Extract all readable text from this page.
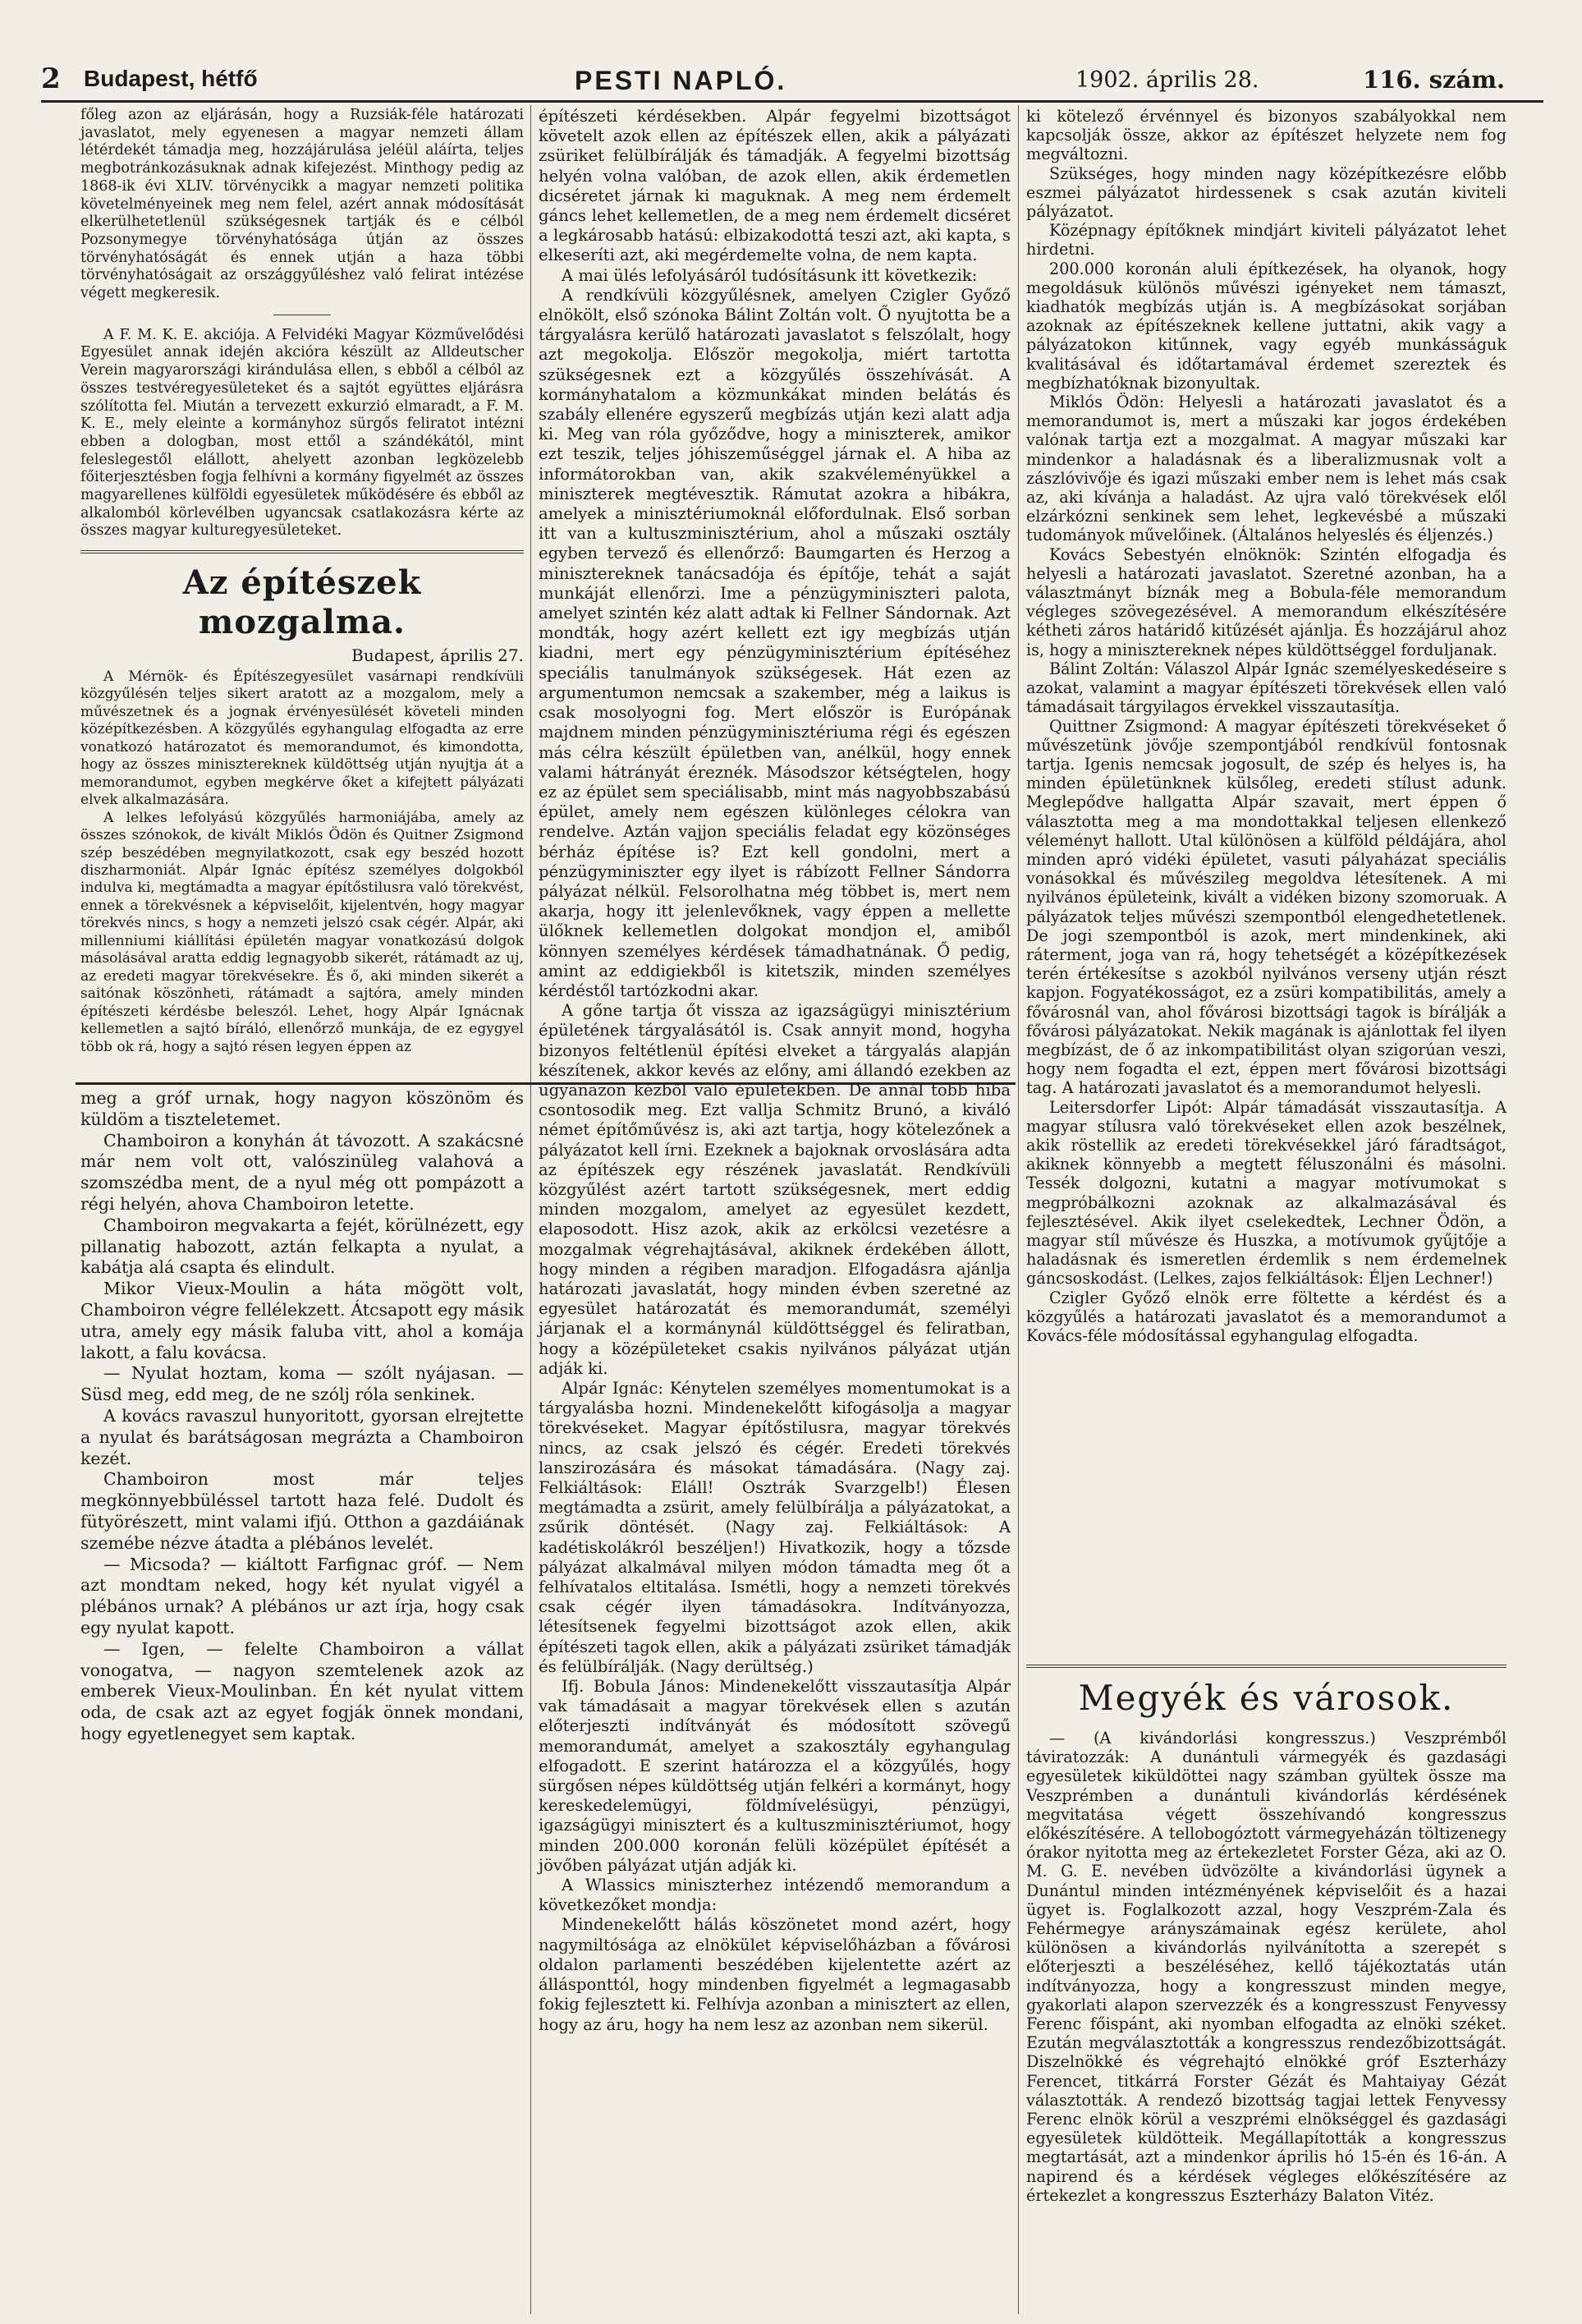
2 Budapest, hétfő	PESTI NAPLÓ.	1902. április 28.	116. szám.

főleg azon az eljárásán, hogy a Ruzsiák-féle határozati javaslatot, mely egyenesen a magyar nemzeti állam létérdekét támadja meg, hozzájárulása jeléül aláírta, teljes megbotránkozásuknak adnak kifejezést. Minthogy pedig az 1868-ik évi XLIV. törvénycikk a magyar nemzeti politika követelményeinek meg nem felel, azért annak módosítását elkerülhetetlenül szükségesnek tartják és e célból Pozsonymegye törvényhatósága útján az összes törvényhatóságát és ennek utján a haza többi törvényhatóságait az országgyűléshez való felirat intézése végett megkeresik.

A F. M. K. E. akciója. A Felvidéki Magyar Közművelődési Egyesület annak idején akcióra készült az Alldeutscher Verein magyarországi kirándulása ellen, s ebből a célból az összes testvéregyesületeket és a sajtót együttes eljárásra szólította fel. Miután a tervezett exkurzió elmaradt, a F. M. K. E., mely eleinte a kormányhoz sürgős feliratot intézni ebben a dologban, most ettől a szándékától, mint feleslegestől elállott, ahelyett azonban legközelebb főiterjesztésben fogja felhívni a kormány figyelmét az összes magyarellenes külföldi egyesületek működésére és ebből az alkalomból körlevélben ugyancsak csatlakozásra kérte az összes magyar kulturegyesületeket.

Az építészek mozgalma.
Budapest, április 27.

A Mérnök- és Építészegyesület vasárnapi rendkívüli közgyűlésén teljes sikert aratott az a mozgalom, mely a művészetnek és a jognak érvényesülését követeli minden középítkezésben. A közgyűlés egyhangulag elfogadta az erre vonatkozó határozatot és memorandumot, és kimondotta, hogy az összes minisztereknek küldöttség utján nyujtja át a memorandumot, egyben megkérve őket a kifejtett pályázati elvek alkalmazására.

A lelkes lefolyású közgyűlés harmoniájába, amely az összes szónokok, de kivált Miklós Ödön és Quitner Zsigmond szép beszédében megnyilatkozott, csak egy beszéd hozott diszharmoniát. Alpár Ignác építész személyes dolgokból indulva ki, megtámadta a magyar építőstilusra való törekvést, ennek a törekvésnek a képviselőit, kijelentvén, hogy magyar törekvés nincs, s hogy a nemzeti jelszó csak cégér. Alpár, aki millenniumi kiállítási épületén magyar vonatkozású dolgok másolásával aratta eddig legnagyobb sikerét, rátámadt az uj, az eredeti magyar törekvésekre. És ő, aki minden sikerét a saitónak köszönheti, rátámadt a sajtóra, amely minden építészeti kérdésbe beleszól. Lehet, hogy Alpár Ignácnak kellemetlen a sajtó bíráló, ellenőrző munkája, de ez egygyel több ok rá, hogy a sajtó résen legyen éppen az

meg a gróf urnak, hogy nagyon köszönöm és küldöm a tiszteletemet.

Chamboiron a konyhán át távozott. A szakácsné már nem volt ott, valószinüleg valahová a szomszédba ment, de a nyul még ott pompázott a régi helyén, ahova Chamboiron letette.

Chamboiron megvakarta a fejét, körülnézett, egy pillanatig habozott, aztán felkapta a nyulat, a kabátja alá csapta és elindult.

Mikor Vieux-Moulin a háta mögött volt, Chamboiron végre fellélekzett. Átcsapott egy másik utra, amely egy másik faluba vitt, ahol a komája lakott, a falu kovácsa.

— Nyulat hoztam, koma — szólt nyájasan. — Süsd meg, edd meg, de ne szólj róla senkinek.

A kovács ravaszul hunyoritott, gyorsan elrejtette a nyulat és barátságosan megrázta a Chamboiron kezét.

Chamboiron most már teljes megkönnyebbüléssel tartott haza felé. Dudolt és fütyörészett, mint valami ifjú. Otthon a gazdáiának szemébe nézve átadta a plébános levelét.

— Micsoda? — kiáltott Farfignac gróf. — Nem azt mondtam neked, hogy két nyulat vigyél a plébános urnak? A plébános ur azt írja, hogy csak egy nyulat kapott.

— Igen, — felelte Chamboiron a vállat vonogatva, — nagyon szemtelenek azok az emberek Vieux-Moulinban. Én két nyulat vittem oda, de csak azt az egyet fogják önnek mondani, hogy egyetlenegyet sem kaptak.

építészeti kérdésekben. Alpár fegyelmi bizottságot követelt azok ellen az építészek ellen, akik a pályázati zsüriket felülbírálják és támadják. A fegyelmi bizottság helyén volna valóban, de azok ellen, akik érdemetlen dicséretet járnak ki maguknak. A meg nem érdemelt gáncs lehet kellemetlen, de a meg nem érdemelt dicséret a legkárosabb hatású: elbizakodottá teszi azt, aki kapta, s elkeseríti azt, aki megérdemelte volna, de nem kapta.

A mai ülés lefolyásáról tudósításunk itt következik:

A rendkívüli közgyűlésnek, amelyen Czigler Győző elnökölt, első szónoka Bálint Zoltán volt. Ő nyujtotta be a tárgyalásra kerülő határozati javaslatot s felszólalt, hogy azt megokolja. Először megokolja, miért tartotta szükségesnek ezt a közgyűlés összehívását. A kormányhatalom a közmunkákat minden belátás és szabály ellenére egyszerű megbízás utján kezi alatt adja ki. Meg van róla győződve, hogy a miniszterek, amikor ezt teszik, teljes jóhiszeműséggel járnak el. A hiba az informátorokban van, akik szakvéleményükkel a miniszterek megtévesztik. Rámutat azokra a hibákra, amelyek a minisztériumoknál előfordulnak. Első sorban itt van a kultuszminisztérium, ahol a műszaki osztály egyben tervező és ellenőrző: Baumgarten és Herzog a minisztereknek tanácsadója és építője, tehát a saját munkáját ellenőrzi. Ime a pénzügyminiszteri palota, amelyet szintén kéz alatt adtak ki Fellner Sándornak. Azt mondták, hogy azért kellett ezt igy megbízás utján kiadni, mert egy pénzügyminisztérium építéséhez speciális tanulmányok szükségesek. Hát ezen az argumentumon nemcsak a szakember, még a laikus is csak mosolyogni fog. Mert először is Európának majdnem minden pénzügyminisztériuma régi és egészen más célra készült épületben van, anélkül, hogy ennek valami hátrányát éreznék. Másodszor kétségtelen, hogy ez az épület sem speciálisabb, mint más nagyobbszabású épület, amely nem egészen különleges célokra van rendelve. Aztán vajjon speciális feladat egy közönséges bérház építése is? Ezt kell gondolni, mert a pénzügyminiszter egy ilyet is rábízott Fellner Sándorra pályázat nélkül. Felsorolhatna még többet is, mert nem akarja, hogy itt jelenlevőknek, vagy éppen a mellette ülőknek kellemetlen dolgokat mondjon el, amiből könnyen személyes kérdések támadhatnának. Ő pedig, amint az eddigiekből is kitetszik, minden személyes kérdéstől tartózkodni akar.

A gőne tartja őt vissza az igazságügyi minisztérium épületének tárgyalásától is. Csak annyit mond, hogyha bizonyos feltétlenül építési elveket a tárgyalás alapján készítenek, akkor kevés az előny, ami állandó ezekben az ugyanazon kézből való épületekben. De annál több hiba csontosodik meg. Ezt vallja Schmitz Brunó, a kiváló német építőművész is, aki azt tartja, hogy kötelezőnek a pályázatot kell írni. Ezeknek a bajoknak orvoslására adta az építészek egy részének javaslatát. Rendkívüli közgyűlést azért tartott szükségesnek, mert eddig minden mozgalom, amelyet az egyesület kezdett, elaposodott. Hisz azok, akik az erkölcsi vezetésre a mozgalmak végrehajtásával, akiknek érdekében állott, hogy minden a régiben maradjon. Elfogadásra ajánlja határozati javaslatát, hogy minden évben szeretné az egyesület határozatát és memorandumát, személyi járjanak el a kormánynál küldöttséggel és feliratban, hogy a középületeket csakis nyilvános pályázat utján adják ki.

Alpár Ignác: Kénytelen személyes momentumokat is a tárgyalásba hozni. Mindenekelőtt kifogásolja a magyar törekvéseket. Magyar építőstilusra, magyar törekvés nincs, az csak jelszó és cégér. Eredeti törekvés lanszirozására és másokat támadására. (Nagy zaj. Felkiáltások: Eláll! Osztrák Svarzgelb!) Élesen megtámadta a zsürit, amely felülbírálja a pályázatokat, a zsűrik döntését. (Nagy zaj. Felkiáltások: A kadétiskolákról beszéljen!) Hivatkozik, hogy a tőzsde pályázat alkalmával milyen módon támadta meg őt a felhívatalos eltitalása. Ismétli, hogy a nemzeti törekvés csak cégér ilyen támadásokra. Indítványozza, létesítsenek fegyelmi bizottságot azok ellen, akik építészeti tagok ellen, akik a pályázati zsüriket támadják és felülbírálják. (Nagy derültség.)

Ifj. Bobula János: Mindenekelőtt visszautasítja Alpár vak támadásait a magyar törekvések ellen s azután előterjeszti indítványát és módosított szövegű memorandumát, amelyet a szakosztály egyhangulag elfogadott. E szerint határozza el a közgyűlés, hogy sürgősen népes küldöttség utján felkéri a kormányt, hogy kereskedelemügyi, földmívelésügyi, pénzügyi, igazságügyi minisztert és a kultuszminisztériumot, hogy minden 200.000 koronán felüli középület építését a jövőben pályázat utján adják ki.

A Wlassics miniszterhez intézendő memorandum a következőket mondja:

Mindenekelőtt hálás köszönetet mond azért, hogy nagymiltósága az elnökület képviselőházban a fővárosi oldalon parlamenti beszédében kijelentette azért az állásponttól, hogy mindenben figyelmét a legmagasabb fokig fejlesztett ki. Felhívja azonban a minisztert az ellen, hogy az áru, hogy ha nem lesz az azonban nem sikerül.

ki kötelező érvénnyel és bizonyos szabályokkal nem kapcsolják össze, akkor az építészet helyzete nem fog megváltozni.

Szükséges, hogy minden nagy középítkezésre előbb eszmei pályázatot hirdessenek s csak azután kiviteli pályázatot.

Középnagy építőknek mindjárt kiviteli pályázatot lehet hirdetni.

200.000 koronán aluli építkezések, ha olyanok, hogy megoldásuk különös művészi igényeket nem támaszt, kiadhatók megbízás utján is. A megbízásokat sorjában azoknak az építészeknek kellene juttatni, akik vagy a pályázatokon kitűnnek, vagy egyéb munkásságuk kvalitásával és időtartamával érdemet szereztek és megbízhatóknak bizonyultak.

Miklós Ödön: Helyesli a határozati javaslatot és a memorandumot is, mert a műszaki kar jogos érdekében valónak tartja ezt a mozgalmat. A magyar műszaki kar mindenkor a haladásnak és a liberalizmusnak volt a zászlóvivője és igazi műszaki ember nem is lehet más csak az, aki kívánja a haladást. Az ujra való törekvések elől elzárkózni senkinek sem lehet, legkevésbé a műszaki tudományok művelőinek. (Általános helyeslés és éljenzés.)

Kovács Sebestyén elnöknök: Szintén elfogadja és helyesli a határozati javaslatot. Szeretné azonban, ha a választmányt bíznák meg a Bobula-féle memorandum végleges szövegezésével. A memorandum elkészítésére kétheti záros határidő kitűzését ajánlja. És hozzájárul ahoz is, hogy a minisztereknek népes küldöttséggel forduljanak.

Bálint Zoltán: Válaszol Alpár Ignác személyeskedéseire s azokat, valamint a magyar építészeti törekvések ellen való támadásait tárgyilagos érvekkel visszautasítja.

Quittner Zsigmond: A magyar építészeti törekvéseket ő művészetünk jövője szempontjából rendkívül fontosnak tartja. Igenis nemcsak jogosult, de szép és helyes is, ha minden épületünknek külsőleg, eredeti stílust adunk. Meglepődve hallgatta Alpár szavait, mert éppen ő választotta meg a ma mondottakkal teljesen ellenkező véleményt hallott. Utal különösen a külföld példájára, ahol minden apró vidéki épületet, vasuti pályaházat speciális vonásokkal és művészileg megoldva létesítenek. A mi nyilvános épületeink, kivált a vidéken bizony szomoruak. A pályázatok teljes művészi szempontból elengedhetetlenek. De jogi szempontból is azok, mert mindenkinek, aki ráterment, joga van rá, hogy tehetségét a középítkezések terén értékesítse s azokból nyilvános verseny utján részt kapjon. Fogyatékosságot, ez a zsüri kompatibilitás, amely a fővárosnál van, ahol fővárosi bizottsági tagok is bírálják a fővárosi pályázatokat. Nekik magának is ajánlottak fel ilyen megbízást, de ő az inkompatibilitást olyan szigorúan veszi, hogy nem fogadta el ezt, éppen mert fővárosi bizottsági tag. A határozati javaslatot és a memorandumot helyesli.

Leitersdorfer Lipót: Alpár támadását visszautasítja. A magyar stílusra való törekvéseket ellen azok beszélnek, akik röstellik az eredeti törekvésekkel járó fáradtságot, akiknek könnyebb a megtett féluszonálni és másolni. Tessék dolgozni, kutatni a magyar motívumokat s megpróbálkozni azoknak az alkalmazásával és fejlesztésével. Akik ilyet cselekedtek, Lechner Ödön, a magyar stíl művésze és Huszka, a motívumok gyűjtője a haladásnak és ismeretlen érdemlik s nem érdemelnek gáncsoskodást. (Lelkes, zajos felkiáltások: Éljen Lechner!)

Czigler Győző elnök erre föltette a kérdést és a közgyűlés a határozati javaslatot és a memorandumot a Kovács-féle módosítással egyhangulag elfogadta.

Megyék és városok.

— (A kivándorlási kongresszus.) Veszprémből táviratozzák: A dunántuli vármegyék és gazdasági egyesületek kiküldöttei nagy számban gyültek össze ma Veszprémben a dunántuli kivándorlás kérdésének megvitatása végett összehívandó kongresszus előkészítésére. A tellobogóztott vármegyeházán töltizenegy órakor nyitotta meg az értekezletet Forster Géza, aki az O. M. G. E. nevében üdvözölte a kivándorlási ügynek a Dunántul minden intézményének képviselőit és a hazai ügyet is. Foglalkozott azzal, hogy Veszprém-Zala és Fehérmegye arányszámainak egész kerülete, ahol különösen a kivándorlás nyilvánította a szerepét s előterjeszti a beszéléséhez, kellő tájékoztatás után indítványozza, hogy a kongresszust minden megye, gyakorlati alapon szervezzék és a kongresszust Fenyvessy Ferenc főispánt, aki nyomban elfogadta az elnöki széket. Ezután megválasztották a kongresszus rendezőbizottságát. Diszelnökké és végrehajtó elnökké gróf Eszterházy Ferencet, titkárrá Forster Gézát és Mahtaiyay Gézát választották. A rendező bizottság tagjai lettek Fenyvessy Ferenc elnök körül a veszprémi elnökséggel és gazdasági egyesületek küldötteik. Megállapították a kongresszus megtartását, azt a mindenkor április hó 15-én és 16-án. A napirend és a kérdések végleges előkészítésére az értekezlet a kongresszus Eszterházy Balaton Vitéz.
